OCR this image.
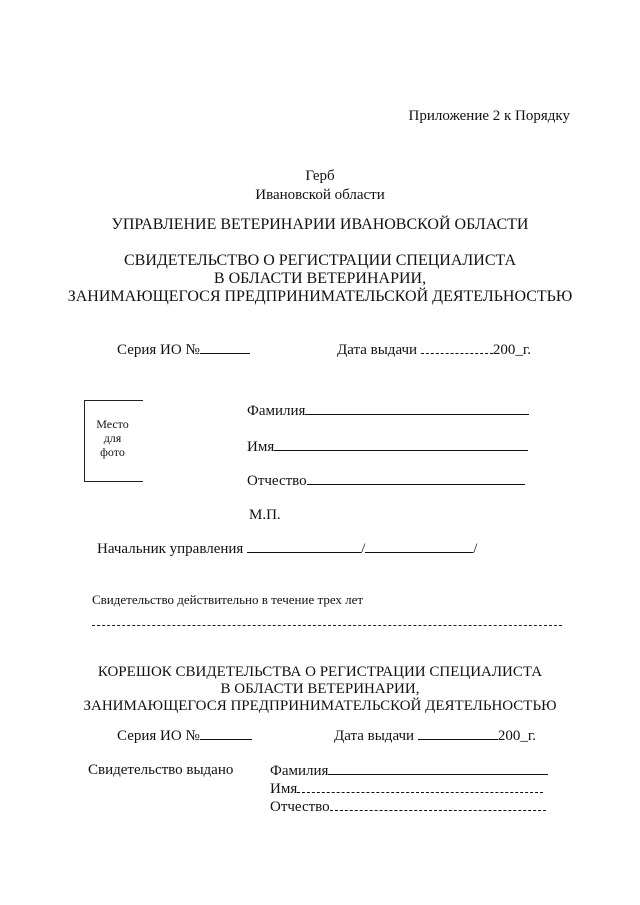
Приложение 2 к Порядку
Герб
Ивановской области
УПРАВЛЕНИЕ ВЕТЕРИНАРИИ ИВАНОВСКОЙ ОБЛАСТИ
СВИДЕТЕЛЬСТВО О РЕГИСТРАЦИИ СПЕЦИАЛИСТА
В ОБЛАСТИ ВЕТЕРИНАРИИ,
ЗАНИМАЮЩЕГОСЯ ПРЕДПРИНИМАТЕЛЬСКОЙ ДЕЯТЕЛЬНОСТЬЮ
Серия ИО №	Дата выдачи	200_г.
Место
для
фото
Фамилия
Имя
Отчество
М.П.
Начальник управления	/	/
Свидетельство действительно в течение трех лет
КОРЕШОК СВИДЕТЕЛЬСТВА О РЕГИСТРАЦИИ СПЕЦИАЛИСТА
В ОБЛАСТИ ВЕТЕРИНАРИИ,
ЗАНИМАЮЩЕГОСЯ ПРЕДПРИНИМАТЕЛЬСКОЙ ДЕЯТЕЛЬНОСТЬЮ
Серия ИО №	Дата выдачи	200_г.
Свидетельство выдано Фамилия
Имя
Отчество
